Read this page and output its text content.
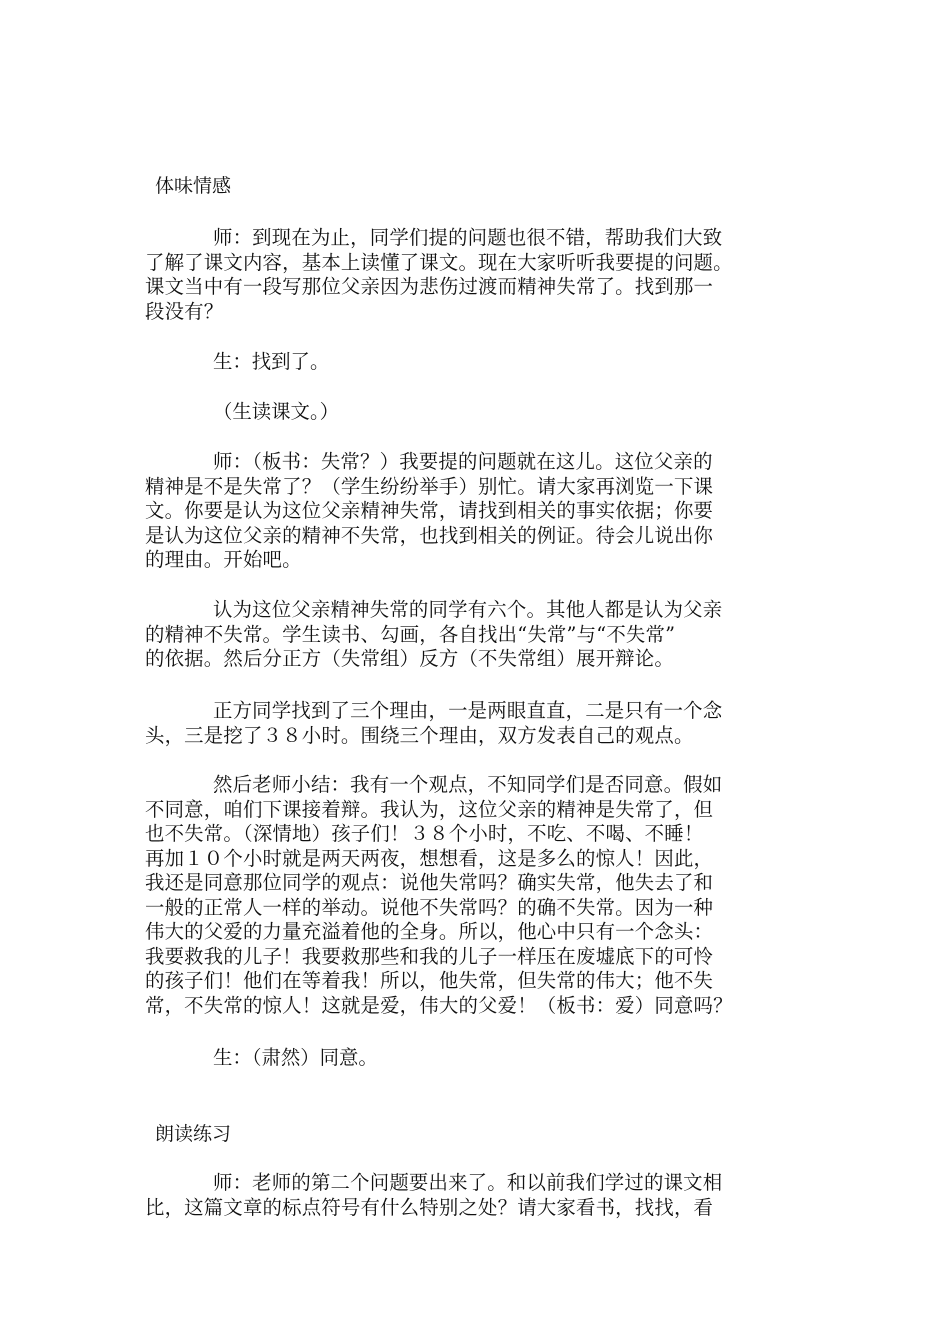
体味情感
师：到现在为止，同学们提的问题也很不错，帮助我们大致
了解了课文内容，基本上读懂了课文。现在大家听听我要提的问题。
课文当中有一段写那位父亲因为悲伤过渡而精神失常了。找到那一
段没有？
生：找到了。
（生读课文。）
师：（板书：失常？）我要提的问题就在这儿。这位父亲的
精神是不是失常了？（学生纷纷举手）别忙。请大家再浏览一下课
文。你要是认为这位父亲精神失常，请找到相关的事实依据；你要
是认为这位父亲的精神不失常，也找到相关的例证。待会儿说出你
的理由。开始吧。
认为这位父亲精神失常的同学有六个。其他人都是认为父亲
的精神不失常。学生读书、勾画，各自找出“失常”与“不失常”
的依据。然后分正方（失常组）反方（不失常组）展开辩论。
正方同学找到了三个理由，一是两眼直直，二是只有一个念
头，三是挖了３８小时。围绕三个理由，双方发表自己的观点。
然后老师小结：我有一个观点，不知同学们是否同意。假如
不同意，咱们下课接着辩。我认为，这位父亲的精神是失常了，但
也不失常。（深情地）孩子们！３８个小时，不吃、不喝、不睡！
再加１０个小时就是两天两夜，想想看，这是多么的惊人！因此，
我还是同意那位同学的观点：说他失常吗？确实失常，他失去了和
一般的正常人一样的举动。说他不失常吗？的确不失常。因为一种
伟大的父爱的力量充溢着他的全身。所以，他心中只有一个念头：
我要救我的儿子！我要救那些和我的儿子一样压在废墟底下的可怜
的孩子们！他们在等着我！所以，他失常，但失常的伟大；他不失
常，不失常的惊人！这就是爱，伟大的父爱！（板书：爱）同意吗？
生：（肃然）同意。
朗读练习
师：老师的第二个问题要出来了。和以前我们学过的课文相
比，这篇文章的标点符号有什么特别之处？请大家看书，找找，看
